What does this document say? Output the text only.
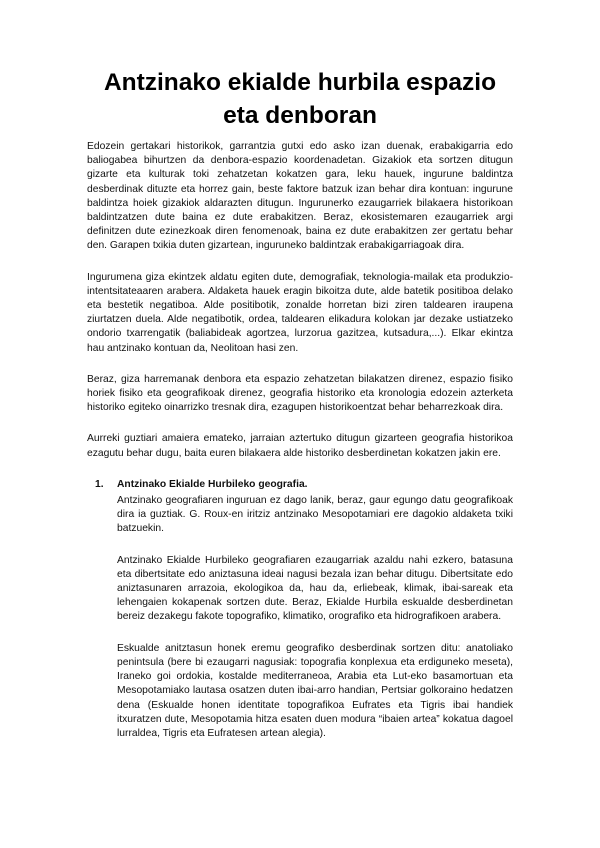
Antzinako ekialde hurbila espazio eta denboran

Edozein gertakari historikok, garrantzia gutxi edo asko izan duenak, erabakigarria edo baliogabea bihurtzen da denbora-espazio koordenadetan. Gizakiok eta sortzen ditugun gizarte eta kulturak toki zehatzetan kokatzen gara, leku hauek, ingurune baldintza desberdinak dituzte eta horrez gain, beste faktore batzuk izan behar dira kontuan: ingurune baldintza hoiek gizakiok aldarazten ditugun. Ingurunerko ezaugarriek bilakaera historikoan baldintzatzen dute baina ez dute erabakitzen. Beraz, ekosistemaren ezaugarriek argi definitzen dute ezinezkoak diren fenomenoak, baina ez dute erabakitzen zer gertatu behar den. Garapen txikia duten gizartean, inguruneko baldintzak erabakigarriagoak dira.

Ingurumena giza ekintzek aldatu egiten dute, demografiak, teknologia-mailak eta produkzio-intentsitateaaren arabera. Aldaketa hauek eragin bikoitza dute, alde batetik positiboa delako eta bestetik negatiboa. Alde positibotik, zonalde horretan bizi ziren taldearen iraupena ziurtatzen duela. Alde negatibotik, ordea, taldearen elikadura kolokan jar dezake ustiatzeko ondorio txarrengatik (baliabideak agortzea, lurzorua gazitzea, kutsadura,...). Elkar ekintza hau antzinako kontuan da, Neolitoan hasi zen.

Beraz, giza harremanak denbora eta espazio zehatzetan bilakatzen direnez, espazio fisiko horiek fisiko eta geografikoak direnez, geografia historiko eta kronologia edozein azterketa historiko egiteko oinarrizko tresnak dira, ezagupen historikoentzat behar beharrezkoak dira.

Aurreki guztiari amaiera emateko, jarraian aztertuko ditugun gizarteen geografia historikoa ezagutu behar dugu, baita euren bilakaera alde historiko desberdinetan kokatzen jakin ere.

1. Antzinako Ekialde Hurbileko geografia.

Antzinako geografiaren inguruan ez dago lanik, beraz, gaur egungo datu geografikoak dira ia guztiak. G. Roux-en iritziz antzinako Mesopotamiari ere dagokio aldaketa txiki batzuekin.

Antzinako Ekialde Hurbileko geografiaren ezaugarriak azaldu nahi ezkero, batasuna eta dibertsitate edo aniztasuna ideai nagusi bezala izan behar ditugu. Dibertsitate edo aniztasunaren arrazoia, ekologikoa da, hau da, erliebeak, klimak, ibai-sareak eta lehengaien kokapenak sortzen dute. Beraz, Ekialde Hurbila eskualde desberdinetan bereiz dezakegu fakote topografiko, klimatiko, orografiko eta hidrografikoen arabera.

Eskualde anitztasun honek eremu geografiko desberdinak sortzen ditu: anatoliako penintsula (bere bi ezaugarri nagusiak: topografia konplexua eta erdiguneko meseta), Iraneko goi ordokia, kostalde mediterraneoa, Arabia eta Lut-eko basamortuan eta Mesopotamiako lautasa osatzen duten ibai-arro handian, Pertsiar golkoraino hedatzen dena (Eskualde honen identitate topografikoa Eufrates eta Tigris ibai handiek itxuratzen dute, Mesopotamia hitza esaten duen modura “ibaien artea” kokatua dagoel lurraldea, Tigris eta Eufratesen artean alegia).
